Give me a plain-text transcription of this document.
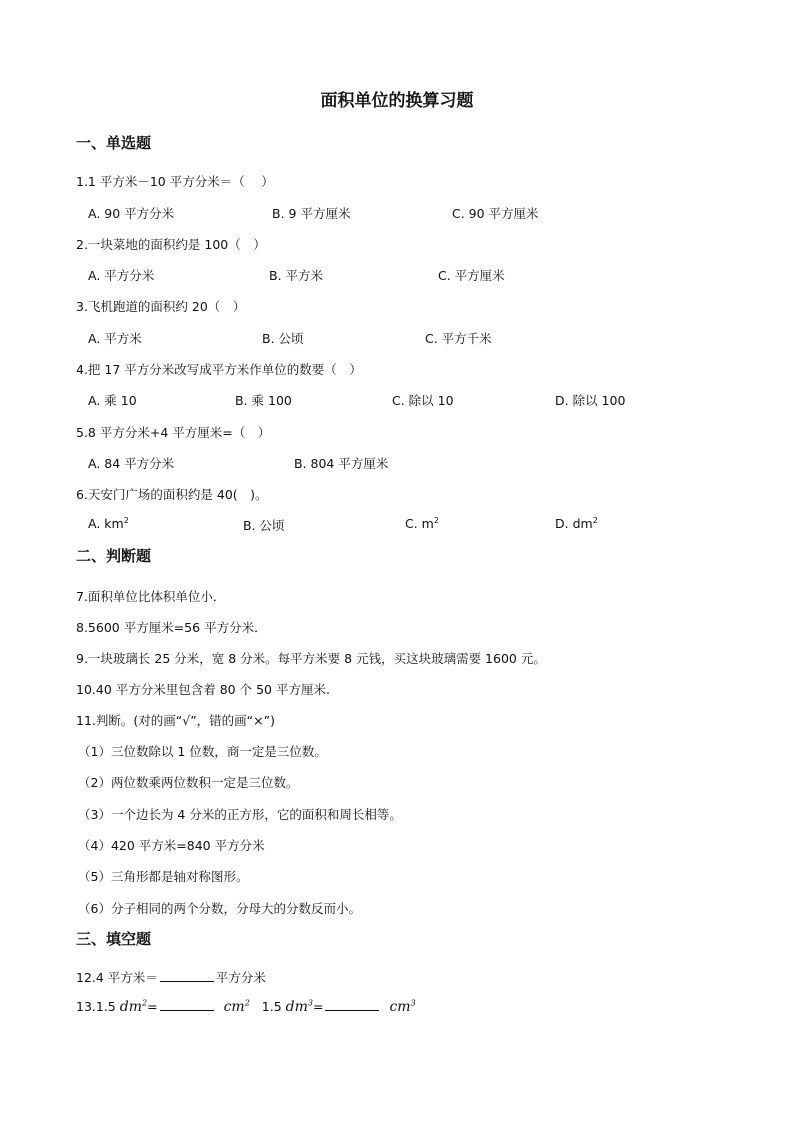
面积单位的换算习题
一、单选题
1.1 平方米－10 平方分米＝（　 ）
A. 90 平方分米	B. 9 平方厘米	C. 90 平方厘米
2.一块菜地的面积约是 100（　）
A. 平方分米	B. 平方米	C. 平方厘米
3.飞机跑道的面积约 20（　）
A. 平方米	B. 公顷	C. 平方千米
4.把 17 平方分米改写成平方米作单位的数要（　）
A. 乘 10	B. 乘 100	C. 除以 10	D. 除以 100
5.8 平方分米+4 平方厘米=（　）
A. 84 平方分米	B. 804 平方厘米
6.天安门广场的面积约是 40(　)。
A. $km^2$	B. 公顷	C. $m^2$	D. $dm^2$
二、判断题
7.面积单位比体积单位小．
8.5600 平方厘米=56 平方分米．
9.一块玻璃长 25 分米，宽 8 分米。每平方米要 8 元钱，买这块玻璃需要 1600 元。
10.40 平方分米里包含着 80 个 50 平方厘米.
11.判断。(对的画“√”，错的画“×”)
（1）三位数除以 1 位数，商一定是三位数。
（2）两位数乘两位数积一定是三位数。
（3）一个边长为 4 分米的正方形，它的面积和周长相等。
（4）420 平方米=840 平方分米
（5）三角形都是轴对称图形。
（6）分子相同的两个分数，分母大的分数反而小。
三、填空题
12.4 平方米＝	平方分米
13.1.5 $dm^2=$	$cm^2$ 1.5 $dm^3=$	$cm^3$
